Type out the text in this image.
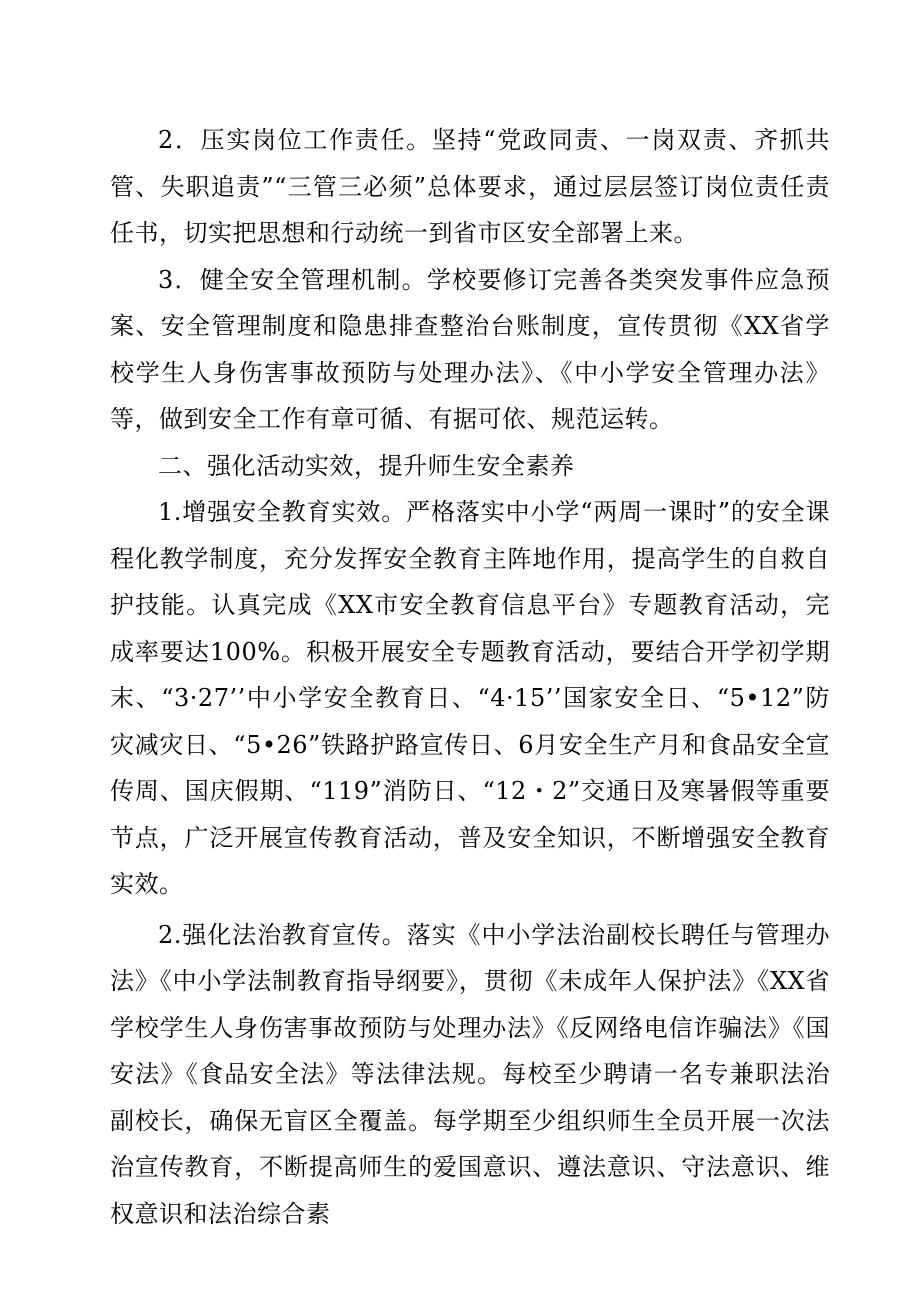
2．压实岗位工作责任。坚持“党政同责、一岗双责、齐抓共管、失职追责”“三管三必须”总体要求，通过层层签订岗位责任责任书，切实把思想和行动统一到省市区安全部署上来。

3．健全安全管理机制。学校要修订完善各类突发事件应急预案、安全管理制度和隐患排查整治台账制度，宣传贯彻《XX省学校学生人身伤害事故预防与处理办法》、《中小学安全管理办法》等，做到安全工作有章可循、有据可依、规范运转。

二、强化活动实效，提升师生安全素养

1.增强安全教育实效。严格落实中小学“两周一课时”的安全课程化教学制度，充分发挥安全教育主阵地作用，提高学生的自救自护技能。认真完成《XX市安全教育信息平台》专题教育活动，完成率要达100%。积极开展安全专题教育活动，要结合开学初学期末、“3·27’’中小学安全教育日、“4·15’’国家安全日、“5•12”防灾减灾日、“5•26”铁路护路宣传日、6月安全生产月和食品安全宣传周、国庆假期、“119”消防日、“12・2”交通日及寒暑假等重要节点，广泛开展宣传教育活动，普及安全知识，不断增强安全教育实效。

2.强化法治教育宣传。落实《中小学法治副校长聘任与管理办法》《中小学法制教育指导纲要》，贯彻《未成年人保护法》《XX省学校学生人身伤害事故预防与处理办法》《反网络电信诈骗法》《国安法》《食品安全法》等法律法规。每校至少聘请一名专兼职法治副校长，确保无盲区全覆盖。每学期至少组织师生全员开展一次法治宣传教育，不断提高师生的爱国意识、遵法意识、守法意识、维权意识和法治综合素
